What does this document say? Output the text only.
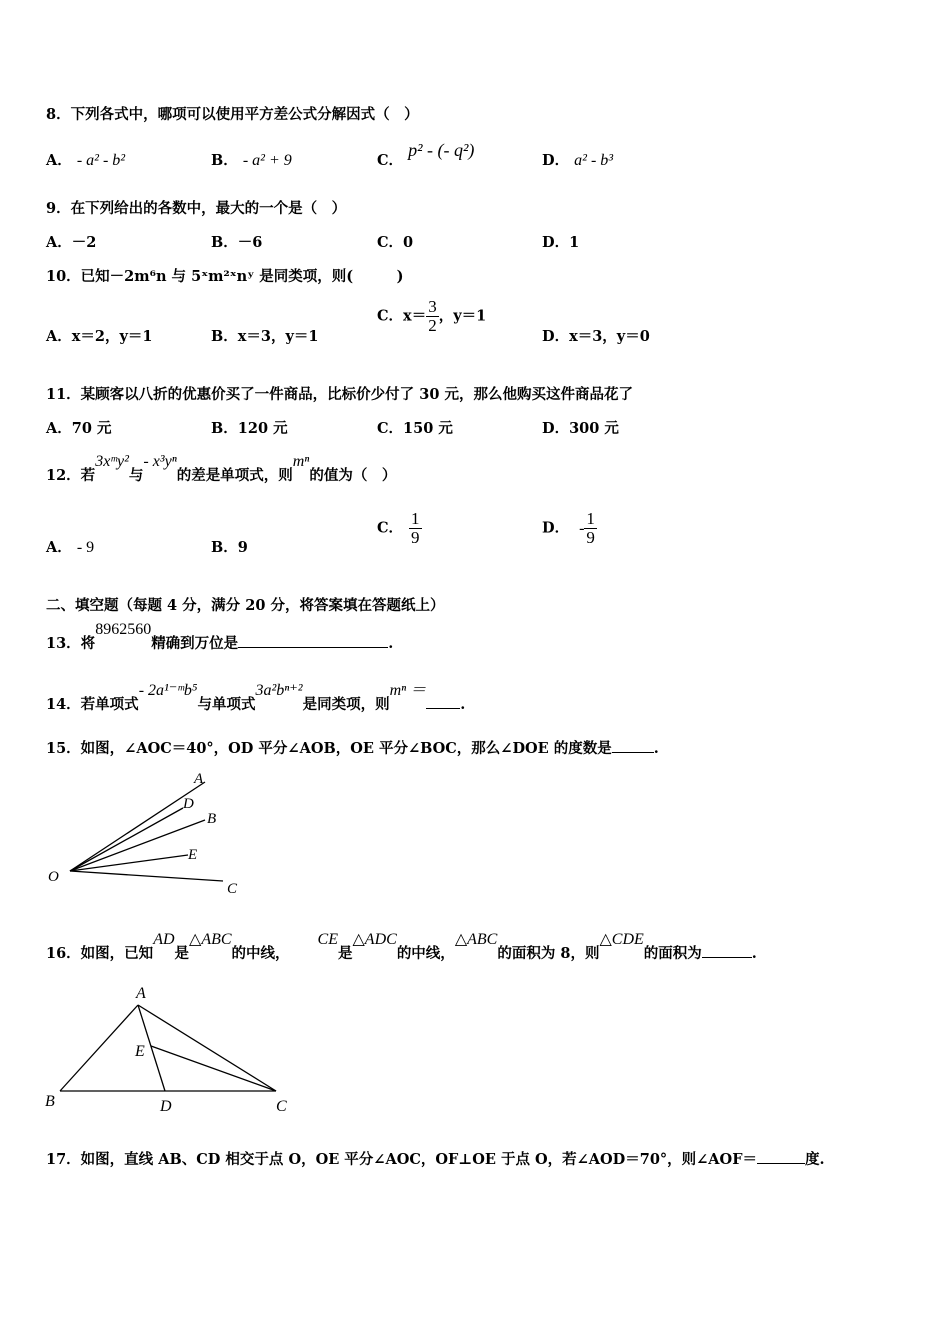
8．下列各式中，哪项可以使用平方差公式分解因式（　）
A． - a² - b²	B． - a² + 9	C． p² - (- q²)
D． a² - b³
9．在下列给出的各数中，最大的一个是（　）
A．－2	B．－6	C．0	D．1
10．已知－2m⁶n 与 5ˣm²ˣnʸ 是同类项，则(　　　)
A．x＝2，y＝1	B．x＝3，y＝1
C．$x= \frac{3}{2}$ ，y＝1
D．x＝3，y＝0
11．某顾客以八折的优惠价买了一件商品，比标价少付了 30 元，那么他购买这件商品花了
A．70 元	B．120 元	C．150 元	D．300 元
12．若3xᵐy²与- x³yⁿ的差是单项式，则mⁿ的值为（　）
A． - 9	B．9
C． $\frac{1}{9}$	D． - $\frac{1}{9}$
二、填空题（每题 4 分，满分 20 分，将答案填在答题纸上）
13．将8962560精确到万位是	.
14．若单项式- 2a¹⁻ᵐb⁵与单项式3a²bⁿ⁺²是同类项，则mⁿ ＝.
15．如图，∠AOC＝40°，OD 平分∠AOB，OE 平分∠BOC，那么∠DOE 的度数是	.
A
D
B
E
C
O
16．如图，已知AD是△ABC的中线，CE是△ADC的中线，△ABC的面积为 8，则△CDE的面积为	.
A
E
B	D	C
17．如图，直线 AB、CD 相交于点 O，OE 平分∠AOC，OF⊥OE 于点 O，若∠AOD＝70°，则∠AOF＝	度.
